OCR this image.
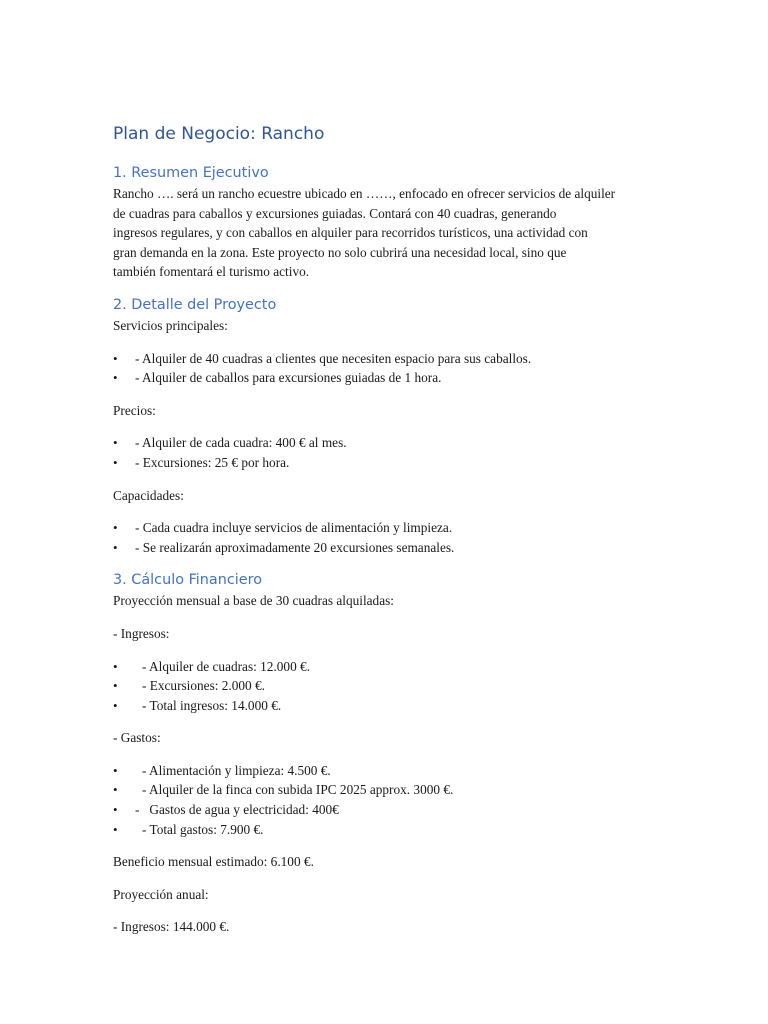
Plan de Negocio: Rancho
1. Resumen Ejecutivo

Rancho …. será un rancho ecuestre ubicado en ……, enfocado en ofrecer servicios de alquiler

de cuadras para caballos y excursiones guiadas. Contará con 40 cuadras, generando

ingresos regulares, y con caballos en alquiler para recorridos turísticos, una actividad con

gran demanda en la zona. Este proyecto no solo cubrirá una necesidad local, sino que

también fomentará el turismo activo.

2. Detalle del Proyecto

Servicios principales:

• - Alquiler de 40 cuadras a clientes que necesiten espacio para sus caballos.
• - Alquiler de caballos para excursiones guiadas de 1 hora.

Precios:

• - Alquiler de cada cuadra: 400 € al mes.
• - Excursiones: 25 € por hora.

Capacidades:

• - Cada cuadra incluye servicios de alimentación y limpieza.
• - Se realizarán aproximadamente 20 excursiones semanales.
3. Cálculo Financiero

Proyección mensual a base de 30 cuadras alquiladas:

- Ingresos:

• - Alquiler de cuadras: 12.000 €.
• - Excursiones: 2.000 €.
• - Total ingresos: 14.000 €.

- Gastos:

• - Alimentación y limpieza: 4.500 €.
• - Alquiler de la finca con subida IPC 2025 approx. 3000 €.
• -   Gastos de agua y electricidad: 400€
• - Total gastos: 7.900 €.

Beneficio mensual estimado: 6.100 €.

Proyección anual:

- Ingresos: 144.000 €.
